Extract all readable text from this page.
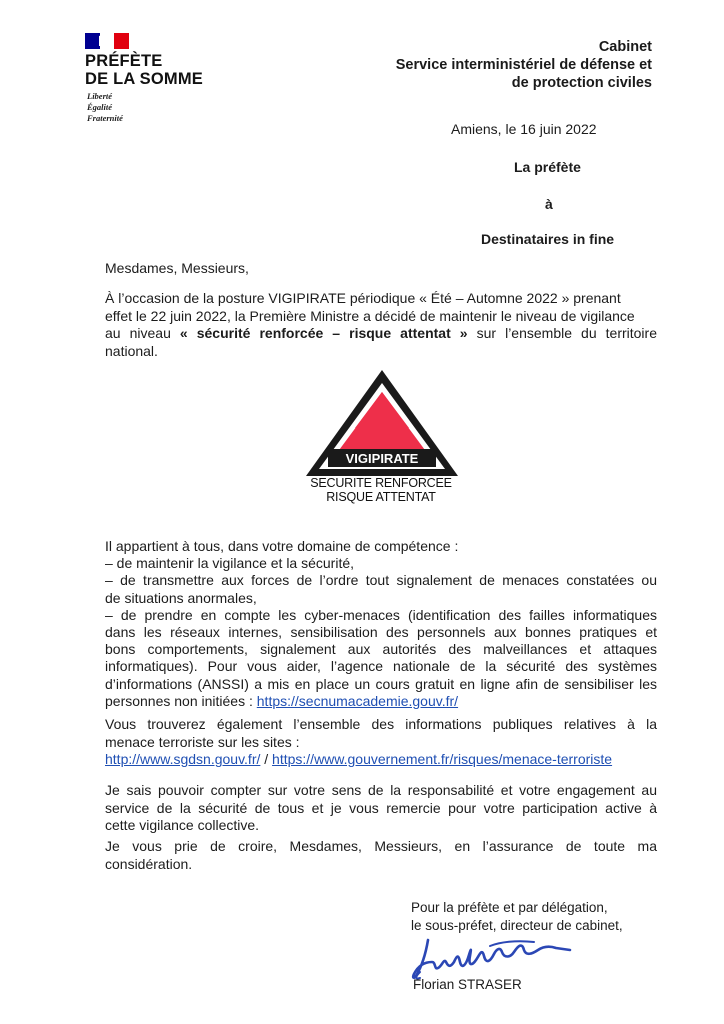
PRÉFÈTE
DE LA SOMME
Liberté
Égalité
Fraternité
Cabinet
Service interministériel de défense et
de protection civiles
Amiens, le 16 juin 2022
La préfète
à
Destinataires in fine
Mesdames, Messieurs,
À l’occasion de la posture VIGIPIRATE périodique « Été – Automne 2022 » prenant
effet le 22 juin 2022, la Première Ministre a décidé de maintenir le niveau de vigilance
au niveau « sécurité renforcée – risque attentat » sur l’ensemble du territoire
national.
VIGIPIRATE
SECURITE RENFORCEE
RISQUE ATTENTAT
Il appartient à tous, dans votre domaine de compétence :
– de maintenir la vigilance et la sécurité,
– de transmettre aux forces de l’ordre tout signalement de menaces constatées ou
de situations anormales,
– de prendre en compte les cyber-menaces (identification des failles informatiques
dans les réseaux internes, sensibilisation des personnels aux bonnes pratiques et
bons comportements, signalement aux autorités des malveillances et attaques
informatiques). Pour vous aider, l’agence nationale de la sécurité des systèmes
d’informations (ANSSI) a mis en place un cours gratuit en ligne afin de sensibiliser les
personnes non initiées : https://secnumacademie.gouv.fr/
Vous trouverez également l’ensemble des informations publiques relatives à la
menace terroriste sur les sites :
http://www.sgdsn.gouv.fr/ / https://www.gouvernement.fr/risques/menace-terroriste
Je sais pouvoir compter sur votre sens de la responsabilité et votre engagement au
service de la sécurité de tous et je vous remercie pour votre participation active à
cette vigilance collective.
Je vous prie de croire, Mesdames, Messieurs, en l’assurance de toute ma
considération.
Pour la préfète et par délégation,
le sous-préfet, directeur de cabinet,
Florian STRASER
